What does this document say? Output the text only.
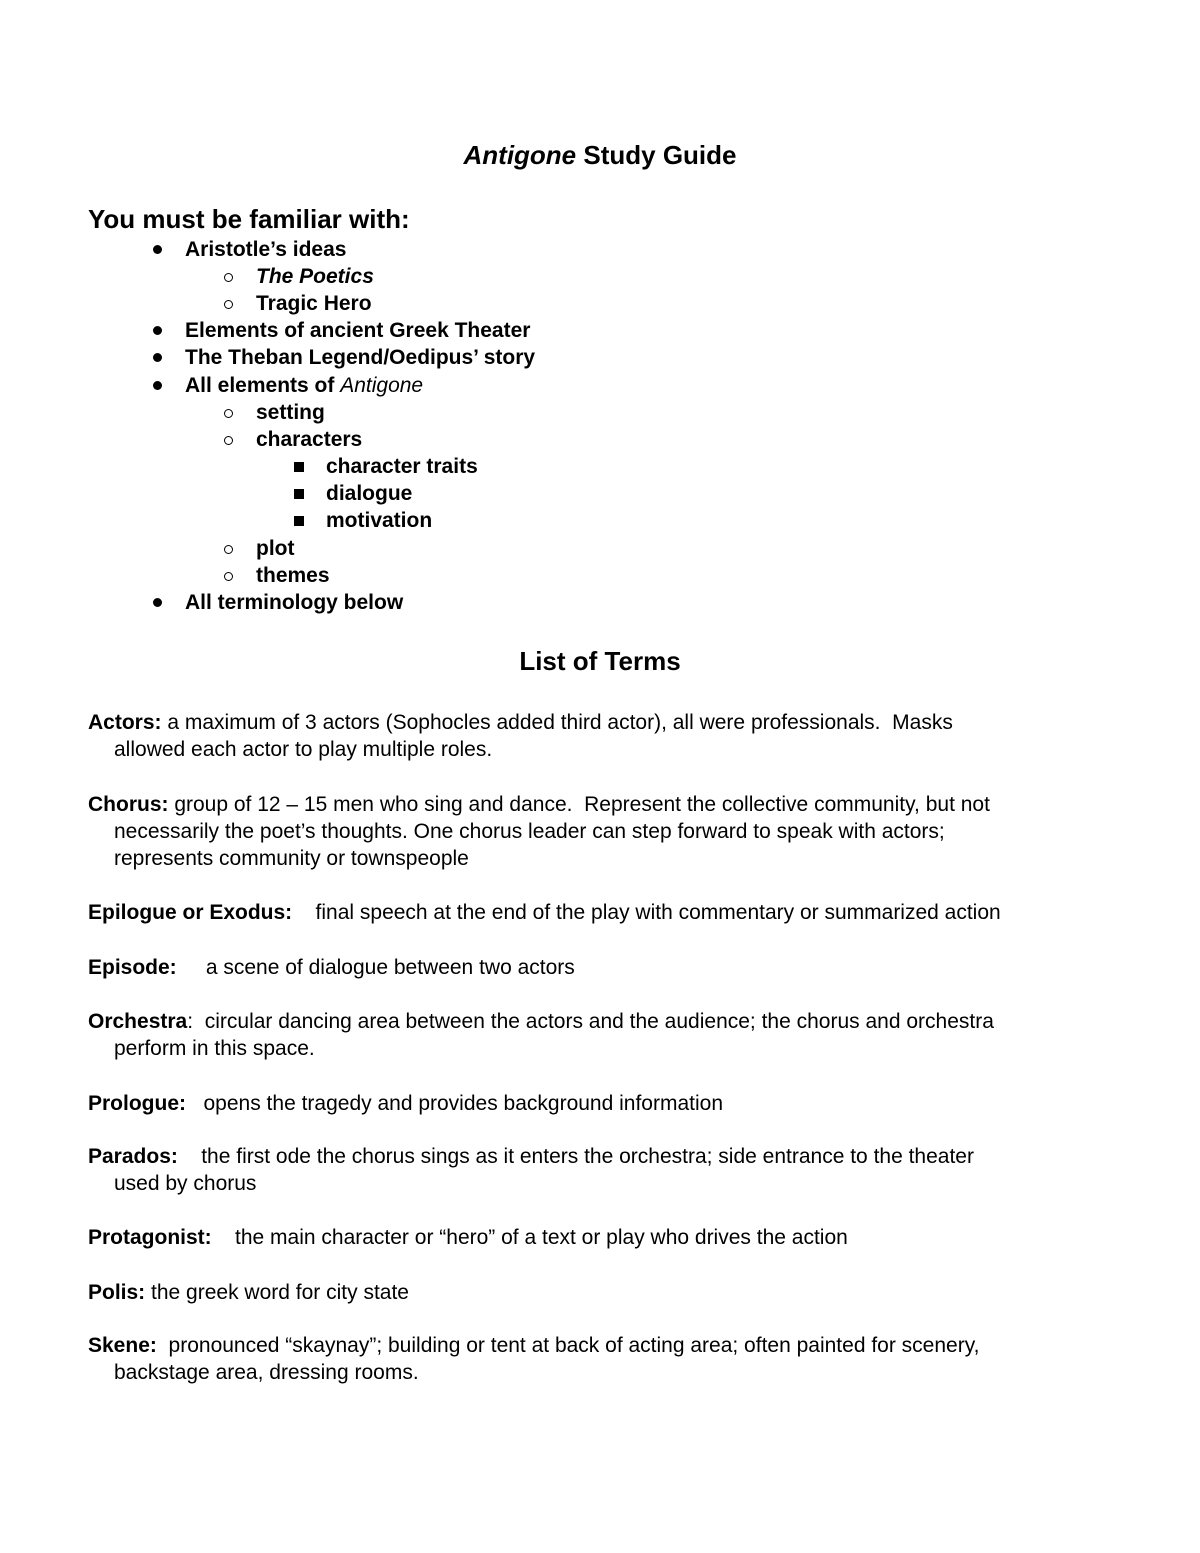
Antigone Study Guide
You must be familiar with:
Aristotle’s ideas
The Poetics
Tragic Hero
Elements of ancient Greek Theater
The Theban Legend/Oedipus’ story
All elements of Antigone
setting
characters
character traits
dialogue
motivation
plot
themes
All terminology below
List of Terms
Actors: a maximum of 3 actors (Sophocles added third actor), all were professionals.  Masks
allowed each actor to play multiple roles.
Chorus: group of 12 – 15 men who sing and dance.  Represent the collective community, but not
necessarily the poet’s thoughts. One chorus leader can step forward to speak with actors;
represents community or townspeople
Epilogue or Exodus:    final speech at the end of the play with commentary or summarized action
Episode:     a scene of dialogue between two actors
Orchestra:  circular dancing area between the actors and the audience; the chorus and orchestra
perform in this space.
Prologue:   opens the tragedy and provides background information
Parados:    the first ode the chorus sings as it enters the orchestra; side entrance to the theater
used by chorus
Protagonist:    the main character or “hero” of a text or play who drives the action
Polis: the greek word for city state
Skene:  pronounced “skaynay”; building or tent at back of acting area; often painted for scenery,
backstage area, dressing rooms.
